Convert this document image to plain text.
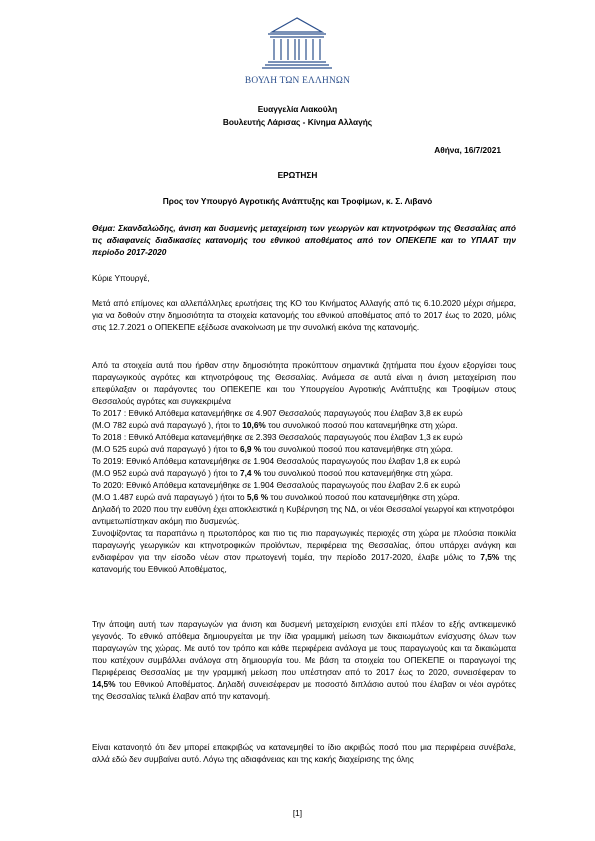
ΒΟΥΛΗ ΤΩΝ ΕΛΛΗΝΩΝ
Ευαγγελία Λιακούλη
Βουλευτής Λάρισας - Κίνημα Αλλαγής
Αθήνα, 16/7/2021
ΕΡΩΤΗΣΗ
Προς τον Υπουργό Αγροτικής Ανάπτυξης και Τροφίμων, κ. Σ. Λιβανό
Θέμα: Σκανδαλώδης, άνιση και δυσμενής μεταχείριση των γεωργών και κτηνοτρόφων της Θεσσαλίας από τις αδιαφανείς διαδικασίες κατανομής του εθνικού αποθέματος από τον ΟΠΕΚΕΠΕ και το ΥΠΑΑΤ την περίοδο 2017-2020
Κύριε Υπουργέ,
Μετά από επίμονες και αλλεπάλληλες ερωτήσεις της ΚΟ του Κινήματος Αλλαγής από τις 6.10.2020 μέχρι σήμερα, για να δοθούν στην δημοσιότητα τα στοιχεία κατανομής του εθνικού αποθέματος από το 2017 έως το 2020, μόλις στις 12.7.2021 ο ΟΠΕΚΕΠΕ εξέδωσε ανακοίνωση με την συνολική εικόνα της κατανομής.

Από τα στοιχεία αυτά που ήρθαν στην δημοσιότητα προκύπτουν σημαντικά ζητήματα που έχουν εξοργίσει τους παραγωγικούς αγρότες και κτηνοτρόφους της Θεσσαλίας. Ανάμεσα σε αυτά είναι η άνιση μεταχείριση που επεφύλαξαν οι παράγοντες του ΟΠΕΚΕΠΕ και του Υπουργείου Αγροτικής Ανάπτυξης και Τροφίμων στους Θεσσαλούς αγρότες και συγκεκριμένα

Το 2017 : Εθνικό Απόθεμα κατανεμήθηκε σε 4.907 Θεσσαλούς παραγωγούς που έλαβαν 3,8 εκ ευρώ

(Μ.Ο 782 ευρώ ανά παραγωγό ), ήτοι το 10,6% του συνολικού ποσού που κατανεμήθηκε στη χώρα.

Το 2018 : Εθνικό Απόθεμα κατανεμήθηκε σε 2.393 Θεσσαλούς παραγωγούς που έλαβαν 1,3 εκ ευρώ

(Μ.Ο 525 ευρώ ανά παραγωγό ) ήτοι το 6,9 % του συνολικού ποσού που κατανεμήθηκε στη χώρα.

Το 2019: Εθνικό Απόθεμα κατανεμήθηκε σε 1.904 Θεσσαλούς παραγωγούς που έλαβαν 1,8 εκ ευρώ

(Μ.Ο 952 ευρώ ανά παραγωγό ) ήτοι το 7,4 % του συνολικού ποσού που κατανεμήθηκε στη χώρα.

Το 2020: Εθνικό Απόθεμα κατανεμήθηκε σε 1.904 Θεσσαλούς παραγωγούς που έλαβαν 2.6 εκ ευρώ

(Μ.Ο 1.487 ευρώ ανά παραγωγό ) ήτοι το 5,6 % του συνολικού ποσού που κατανεμήθηκε στη χώρα.

Δηλαδή το 2020 που την ευθύνη έχει αποκλειστικά η Κυβέρνηση της ΝΔ, οι νέοι Θεσσαλοί γεωργοί και κτηνοτρόφοι αντιμετωπίστηκαν ακόμη πιο δυσμενώς.

Συνοψίζοντας τα παραπάνω η πρωτοπόρος και πιο τις πιο παραγωγικές περιοχές στη χώρα με πλούσια ποικιλία παραγωγής γεωργικών και κτηνοτροφικών προϊόντων, περιφέρεια της Θεσσαλίας, όπου υπάρχει ανάγκη και ενδιαφέρον για την είσοδο νέων στον πρωτογενή τομέα, την περίοδο 2017-2020, έλαβε μόλις το 7,5% της κατανομής του Εθνικού Αποθέματος,

Την άποψη αυτή των παραγωγών για άνιση και δυσμενή μεταχείριση ενισχύει επί πλέον το εξής αντικειμενικό γεγονός. Το εθνικό απόθεμα δημιουργείται με την ίδια γραμμική μείωση των δικαιωμάτων ενίσχυσης όλων των παραγωγών της χώρας. Με αυτό τον τρόπο και κάθε περιφέρεια ανάλογα με τους παραγωγούς και τα δικαιώματα που κατέχουν συμβάλλει ανάλογα στη δημιουργία του. Με βάση τα στοιχεία του ΟΠΕΚΕΠΕ οι παραγωγοί της Περιφέρειας Θεσσαλίας με την γραμμική μείωση που υπέστησαν από το 2017 έως το 2020, συνεισέφεραν το 14,5% του Εθνικού Αποθέματος. Δηλαδή συνεισέφεραν με ποσοστό διπλάσιο αυτού που έλαβαν οι νέοι αγρότες της Θεσσαλίας τελικά έλαβαν από την κατανομή.
Είναι κατανοητό ότι δεν μπορεί επακριβώς να κατανεμηθεί το ίδιο ακριβώς ποσό που μια περιφέρεια συνέβαλε, αλλά εδώ δεν συμβαίνει αυτό. Λόγω της αδιαφάνειας και της κακής διαχείρισης της όλης
[1]
